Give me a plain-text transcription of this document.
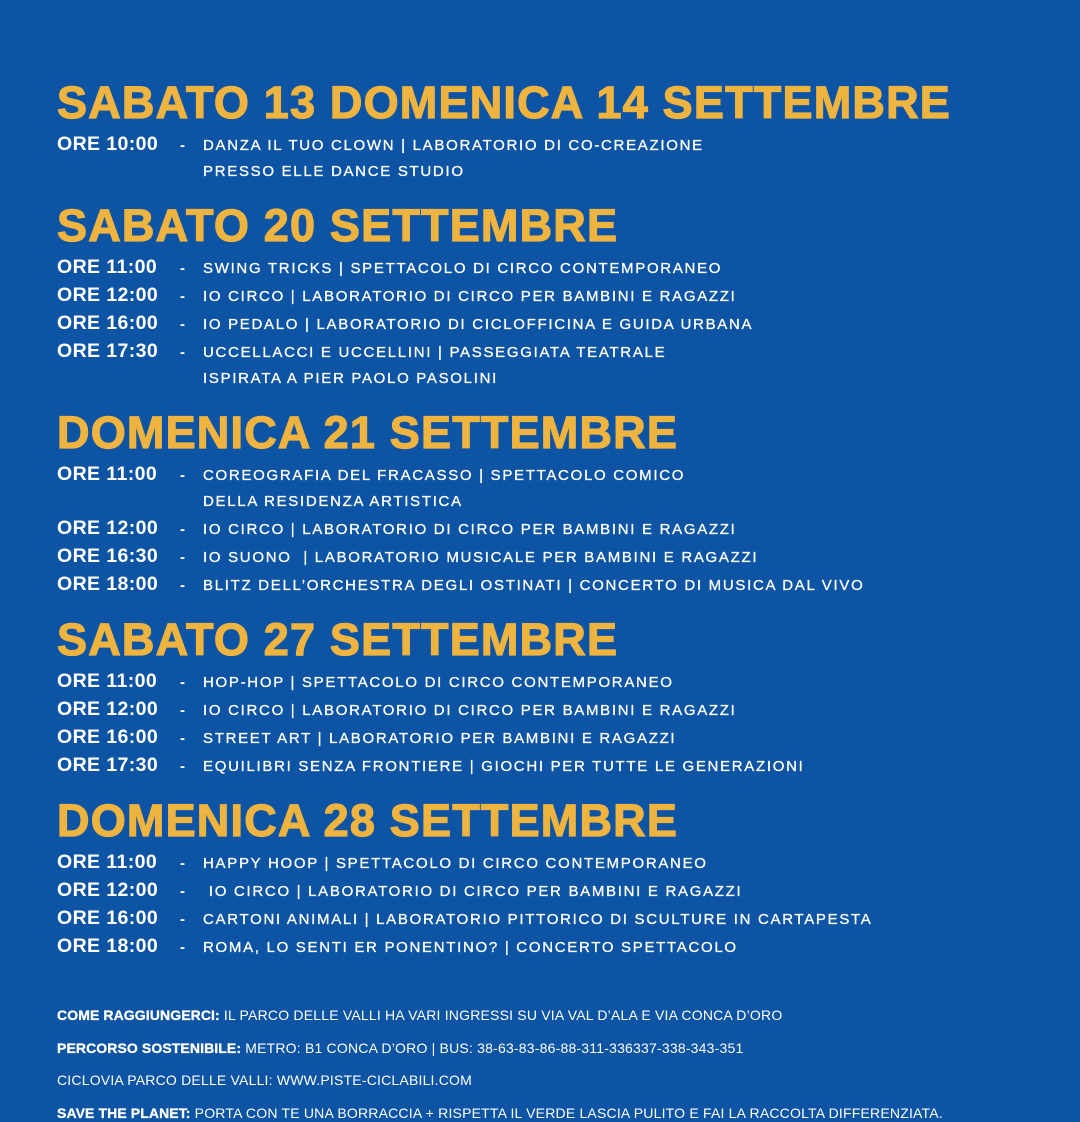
SABATO 13 DOMENICA 14 SETTEMBRE
ORE 10:00 - DANZA IL TUO CLOWN | LABORATORIO DI CO-CREAZIONE
PRESSO ELLE DANCE STUDIO
SABATO 20 SETTEMBRE
ORE 11:00 - SWING TRICKS | SPETTACOLO DI CIRCO CONTEMPORANEO
ORE 12:00 - IO CIRCO | LABORATORIO DI CIRCO PER BAMBINI E RAGAZZI
ORE 16:00 - IO PEDALO | LABORATORIO DI CICLOFFICINA E GUIDA URBANA
ORE 17:30 - UCCELLACCI E UCCELLINI | PASSEGGIATA TEATRALE
ISPIRATA A PIER PAOLO PASOLINI
DOMENICA 21 SETTEMBRE
ORE 11:00 - COREOGRAFIA DEL FRACASSO | SPETTACOLO COMICO
DELLA RESIDENZA ARTISTICA
ORE 12:00 - IO CIRCO | LABORATORIO DI CIRCO PER BAMBINI E RAGAZZI
ORE 16:30 - IO SUONO  | LABORATORIO MUSICALE PER BAMBINI E RAGAZZI
ORE 18:00 - BLITZ DELL’ORCHESTRA DEGLI OSTINATI | CONCERTO DI MUSICA DAL VIVO
SABATO 27 SETTEMBRE
ORE 11:00 - HOP-HOP | SPETTACOLO DI CIRCO CONTEMPORANEO
ORE 12:00 - IO CIRCO | LABORATORIO DI CIRCO PER BAMBINI E RAGAZZI
ORE 16:00 - STREET ART | LABORATORIO PER BAMBINI E RAGAZZI
ORE 17:30 - EQUILIBRI SENZA FRONTIERE | GIOCHI PER TUTTE LE GENERAZIONI
DOMENICA 28 SETTEMBRE
ORE 11:00 - HAPPY HOOP | SPETTACOLO DI CIRCO CONTEMPORANEO
ORE 12:00 - IO CIRCO | LABORATORIO DI CIRCO PER BAMBINI E RAGAZZI
ORE 16:00 - CARTONI ANIMALI | LABORATORIO PITTORICO DI SCULTURE IN CARTAPESTA
ORE 18:00 - ROMA, LO SENTI ER PONENTINO? | CONCERTO SPETTACOLO

COME RAGGIUNGERCI: IL PARCO DELLE VALLI HA VARI INGRESSI SU VIA VAL D’ALA E VIA CONCA D’ORO

PERCORSO SOSTENIBILE: METRO: B1 CONCA D’ORO | BUS: 38-63-83-86-88-311-336337-338-343-351

CICLOVIA PARCO DELLE VALLI: WWW.PISTE-CICLABILI.COM

SAVE THE PLANET: PORTA CON TE UNA BORRACCIA + RISPETTA IL VERDE LASCIA PULITO E FAI LA RACCOLTA DIFFERENZIATA.
